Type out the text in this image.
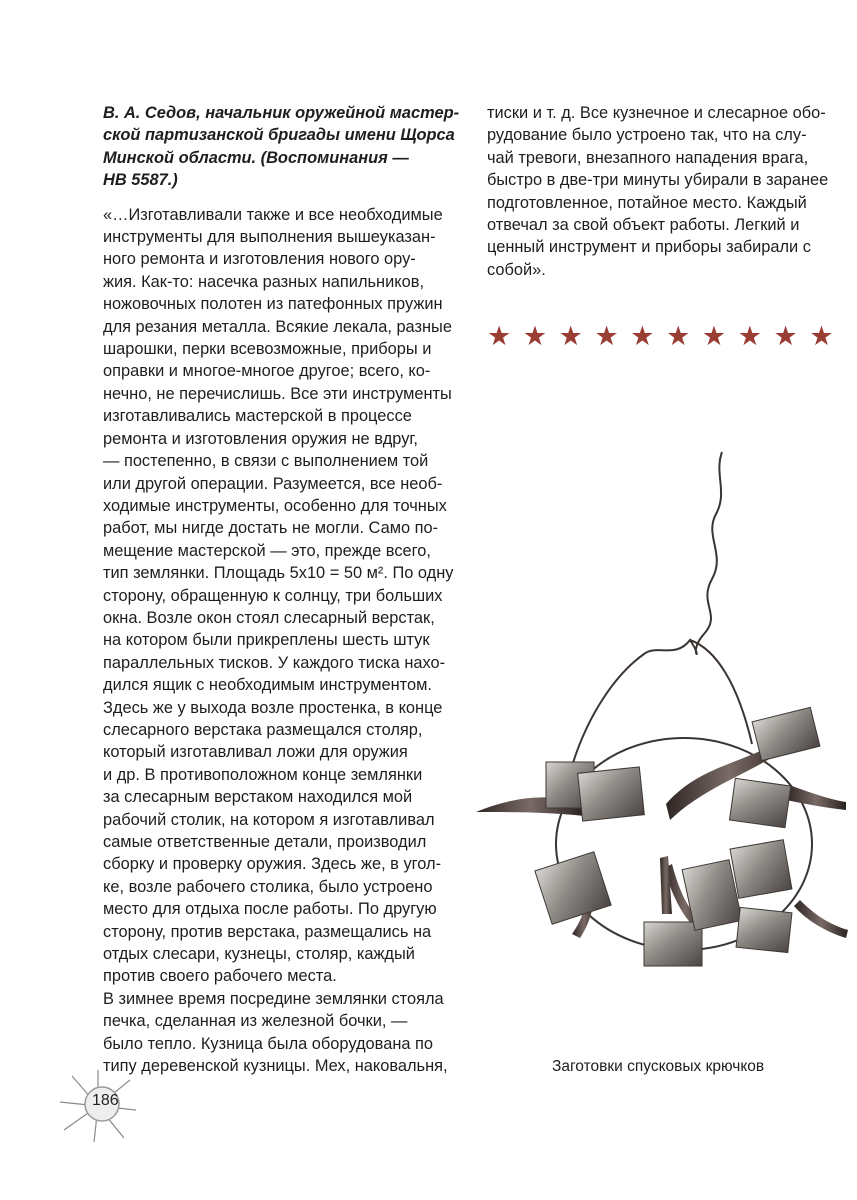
В. А. Седов, начальник оружейной мастер-
ской партизанской бригады имени Щорса
Минской области. (Воспоминания —
НВ 5587.)
«…Изготавливали также и все необходимые
инструменты для выполнения вышеуказан-
ного ремонта и изготовления нового ору-
жия. Как-то: насечка разных напильников,
ножовочных полотен из патефонных пружин
для резания металла. Всякие лекала, разные
шарошки, перки всевозможные, приборы и
оправки и многое-многое другое; всего, ко-
нечно, не перечислишь. Все эти инструменты
изготавливались мастерской в процессе
ремонта и изготовления оружия не вдруг,
— постепенно, в связи с выполнением той
или другой операции. Разумеется, все необ-
ходимые инструменты, особенно для точных
работ, мы нигде достать не могли. Само по-
мещение мастерской — это, прежде всего,
тип землянки. Площадь 5х10 = 50 м². По одну
сторону, обращенную к солнцу, три больших
окна. Возле окон стоял слесарный верстак,
на котором были прикреплены шесть штук
параллельных тисков. У каждого тиска нахо-
дился ящик с необходимым инструментом.
Здесь же у выхода возле простенка, в конце
слесарного верстака размещался столяр,
который изготавливал ложи для оружия
и др. В противоположном конце землянки
за слесарным верстаком находился мой
рабочий столик, на котором я изготавливал
самые ответственные детали, производил
сборку и проверку оружия. Здесь же, в угол-
ке, возле рабочего столика, было устроено
место для отдыха после работы. По другую
сторону, против верстака, размещались на
отдых слесари, кузнецы, столяр, каждый
против своего рабочего места.
В зимнее время посредине землянки стояла
печка, сделанная из железной бочки, —
было тепло. Кузница была оборудована по
типу деревенской кузницы. Мех, наковальня,
тиски и т. д. Все кузнечное и слесарное обо-
рудование было устроено так, что на слу-
чай тревоги, внезапного нападения врага,
быстро в две-три минуты убирали в заранее
подготовленное, потайное место. Каждый
отвечал за свой объект работы. Легкий и
ценный инструмент и приборы забирали с
собой».
★ ★ ★ ★ ★ ★ ★ ★ ★ ★
Заготовки спусковых крючков
186
